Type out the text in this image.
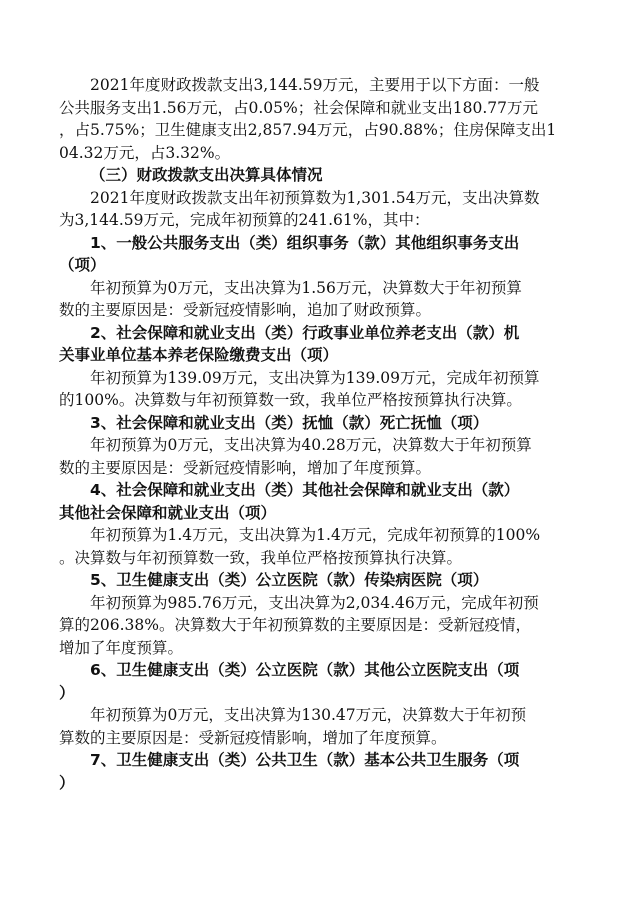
2021年度财政拨款支出3,144.59万元，主要用于以下方面：一般
公共服务支出1.56万元，占0.05%；社会保障和就业支出180.77万元
，占5.75%；卫生健康支出2,857.94万元，占90.88%；住房保障支出1
04.32万元，占3.32%。
（三）财政拨款支出决算具体情况
2021年度财政拨款支出年初预算数为1,301.54万元，支出决算数
为3,144.59万元，完成年初预算的241.61%，其中：
1、一般公共服务支出（类）组织事务（款）其他组织事务支出
（项）
年初预算为0万元，支出决算为1.56万元，决算数大于年初预算
数的主要原因是：受新冠疫情影响，追加了财政预算。
2、社会保障和就业支出（类）行政事业单位养老支出（款）机
关事业单位基本养老保险缴费支出（项）
年初预算为139.09万元，支出决算为139.09万元，完成年初预算
的100%。决算数与年初预算数一致，我单位严格按预算执行决算。
3、社会保障和就业支出（类）抚恤（款）死亡抚恤（项）
年初预算为0万元，支出决算为40.28万元，决算数大于年初预算
数的主要原因是：受新冠疫情影响，增加了年度预算。
4、社会保障和就业支出（类）其他社会保障和就业支出（款）
其他社会保障和就业支出（项）
年初预算为1.4万元，支出决算为1.4万元，完成年初预算的100%
。决算数与年初预算数一致，我单位严格按预算执行决算。
5、卫生健康支出（类）公立医院（款）传染病医院（项）
年初预算为985.76万元，支出决算为2,034.46万元，完成年初预
算的206.38%。决算数大于年初预算数的主要原因是：受新冠疫情，
增加了年度预算。
6、卫生健康支出（类）公立医院（款）其他公立医院支出（项
）
年初预算为0万元，支出决算为130.47万元，决算数大于年初预
算数的主要原因是：受新冠疫情影响，增加了年度预算。
7、卫生健康支出（类）公共卫生（款）基本公共卫生服务（项
）
